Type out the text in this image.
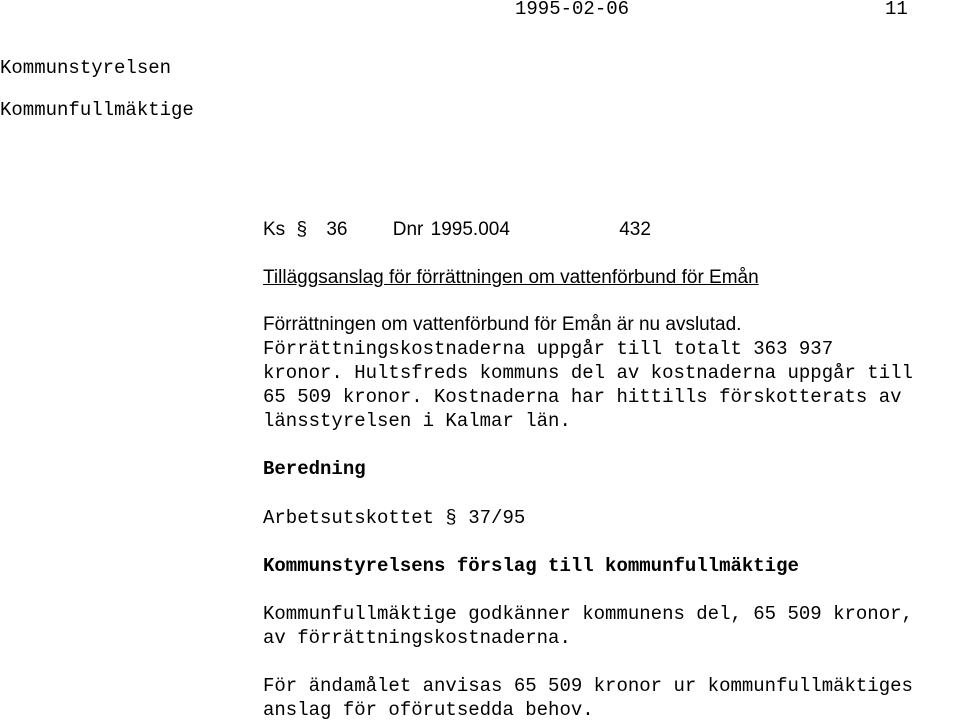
1995-02-06	11
Kommunstyrelsen
Kommunfullmäktige
Ks § 36 Dnr 1995.004	432
Tilläggsanslag för förrättningen om vattenförbund för Emån
Förrättningen om vattenförbund för Emån är nu avslutad.
Förrättningskostnaderna uppgår till totalt 363 937
kronor. Hultsfreds kommuns del av kostnaderna uppgår till
65 509 kronor. Kostnaderna har hittills förskotterats av
länsstyrelsen i Kalmar län.
Beredning
Arbetsutskottet § 37/95
Kommunstyrelsens förslag till kommunfullmäktige
Kommunfullmäktige godkänner kommunens del, 65 509 kronor,
av förrättningskostnaderna.
För ändamålet anvisas 65 509 kronor ur kommunfullmäktiges
anslag för oförutsedda behov.
